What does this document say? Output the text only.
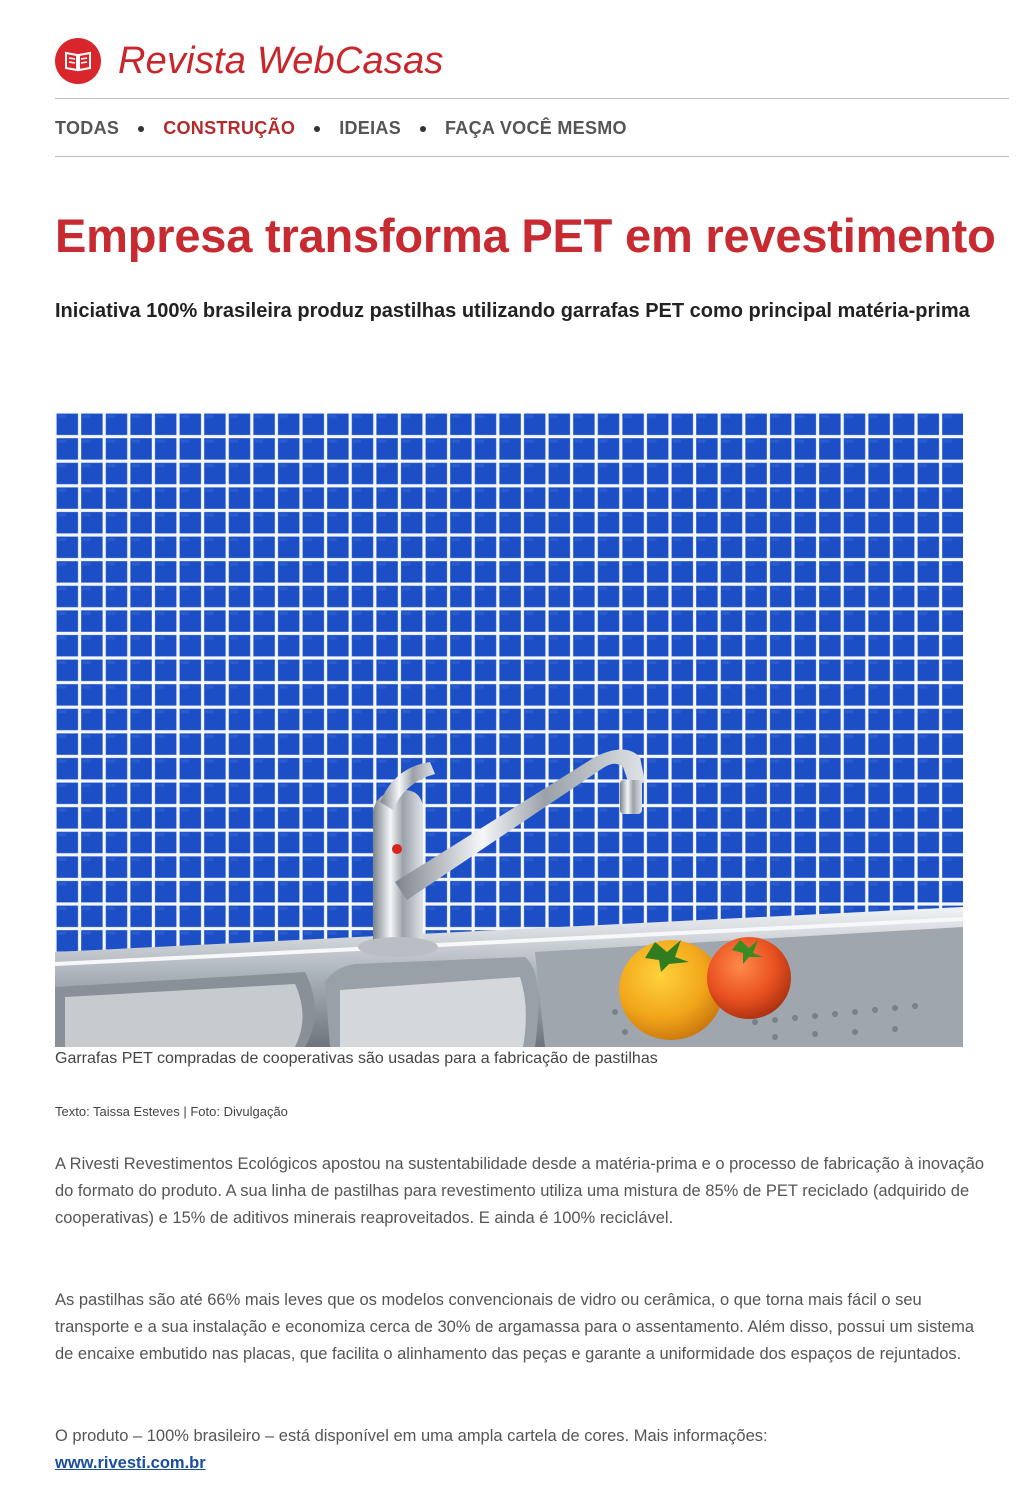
Revista WebCasas
TODAS CONSTRUÇÃO IDEIAS FAÇA VOCÊ MESMO
Empresa transforma PET em revestimento
Iniciativa 100% brasileira produz pastilhas utilizando garrafas PET como principal matéria-prima

Garrafas PET compradas de cooperativas são usadas para a fabricação de pastilhas

Texto: Taissa Esteves | Foto: Divulgação

A Rivesti Revestimentos Ecológicos apostou na sustentabilidade desde a matéria-prima e o processo de fabricação à inovação do formato do produto. A sua linha de pastilhas para revestimento utiliza uma mistura de 85% de PET reciclado (adquirido de cooperativas) e 15% de aditivos minerais reaproveitados. E ainda é 100% reciclável.

As pastilhas são até 66% mais leves que os modelos convencionais de vidro ou cerâmica, o que torna mais fácil o seu transporte e a sua instalação e economiza cerca de 30% de argamassa para o assentamento. Além disso, possui um sistema de encaixe embutido nas placas, que facilita o alinhamento das peças e garante a uniformidade dos espaços de rejuntados.

O produto – 100% brasileiro – está disponível em uma ampla cartela de cores. Mais informações:
www.rivesti.com.br
